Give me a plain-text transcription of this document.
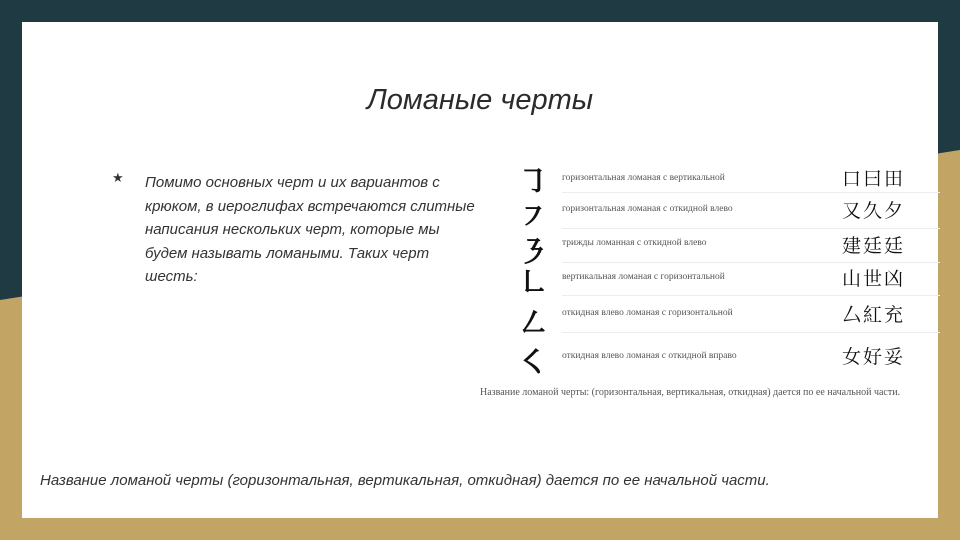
Ломаные черты
★ Помимо основных черт и их вариантов с крюком, в иероглифах встречаются слитные написания нескольких черт, которые мы будем называть ломаными. Таких черт шесть:
㇆ горизонтальная ломаная с вертикальной	口曰田
㇇ горизонтальная ломаная с откидной влево	又久夕
㇋ трижды ломанная с откидной влево	建廷廷
㇗ вертикальная ломаная с горизонтальной	山世凶
㇜ откидная влево ломаная с горизонтальной	厶紅充
㇛ откидная влево ломаная с откидной вправо	女好妥
Название ломаной черты: (горизонтальная, вертикальная, откидная) дается по ее начальной части.
Название ломаной черты (горизонтальная, вертикальная, откидная) дается по ее начальной части.
